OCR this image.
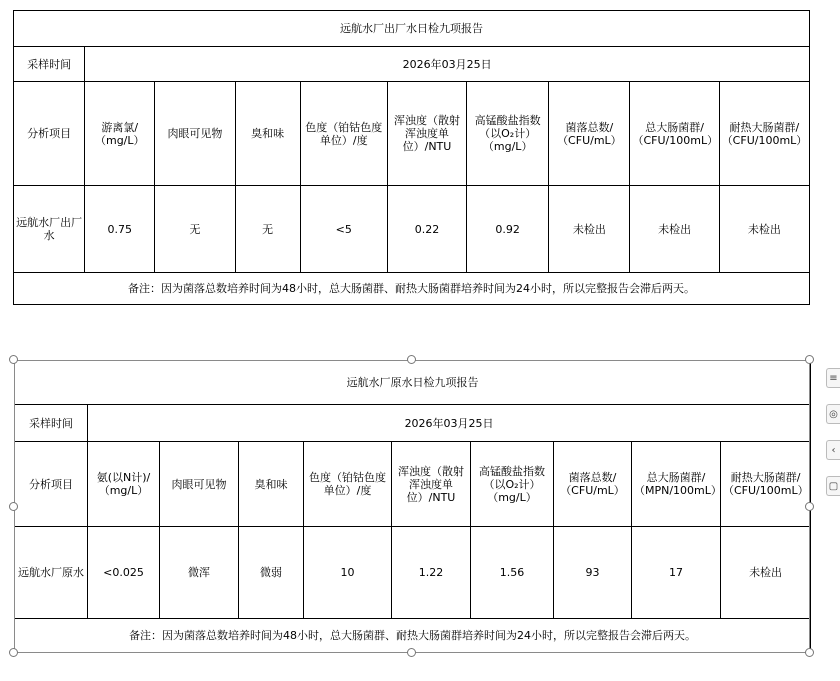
远航水厂出厂水日检九项报告									
采样时间	2026年03月25日								
分析项目	游离氯/（mg/L）	肉眼可见物	臭和味	色度（铂钴色度单位）/度	浑浊度（散射浑浊度单位）/NTU	高锰酸盐指数（以O₂计）（mg/L）	菌落总数/（CFU/mL）	总大肠菌群/（CFU/100mL）	耐热大肠菌群/（CFU/100mL）
远航水厂出厂水	0.75	无	无	<5	0.22	0.92	未检出	未检出	未检出
备注：因为菌落总数培养时间为48小时，总大肠菌群、耐热大肠菌群培养时间为24小时，所以完整报告会滞后两天。									
远航水厂原水日检九项报告									
采样时间	2026年03月25日								
分析项目	氨(以N计)/（mg/L）	肉眼可见物	臭和味	色度（铂钴色度单位）/度	浑浊度（散射浑浊度单位）/NTU	高锰酸盐指数（以O₂计）（mg/L）	菌落总数/（CFU/mL）	总大肠菌群/（MPN/100mL）	耐热大肠菌群/（CFU/100mL）
远航水厂原水	<0.025	微浑	微弱	10	1.22	1.56	93	17	未检出
备注：因为菌落总数培养时间为48小时，总大肠菌群、耐热大肠菌群培养时间为24小时，所以完整报告会滞后两天。									
≡
◎
‹
▢
